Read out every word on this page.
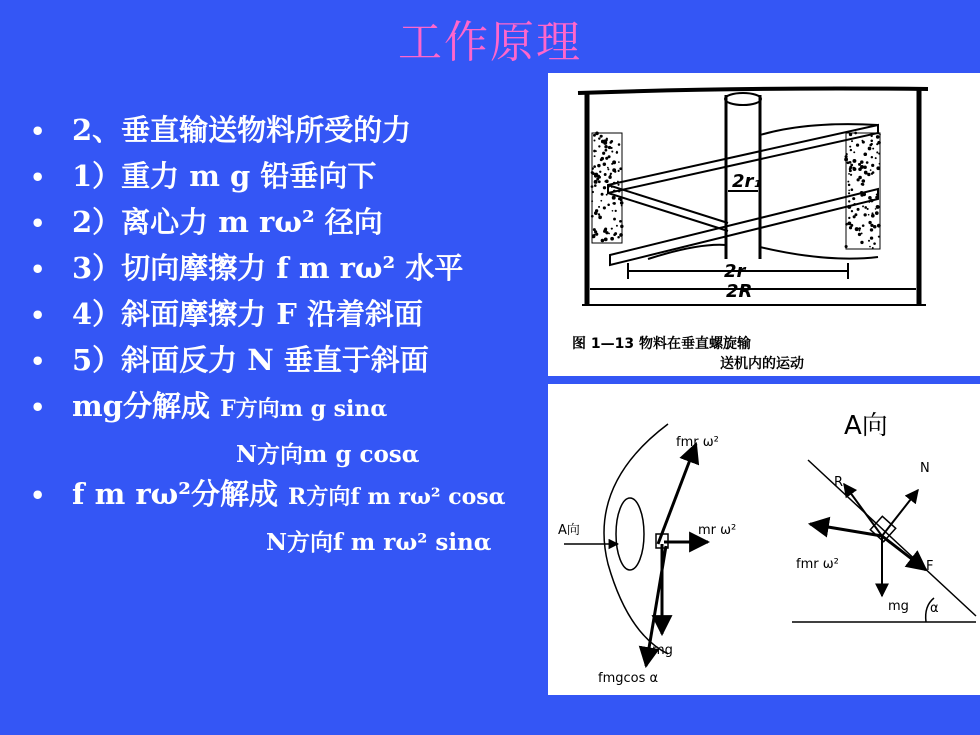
工作原理
• 2、垂直输送物料所受的力
• 1）重力 m g 铅垂向下
• 2）离心力 m rω² 径向
• 3）切向摩擦力 f m rω² 水平
• 4）斜面摩擦力 F 沿着斜面
• 5）斜面反力 N 垂直于斜面
• mg分解成 F方向m g sinα
N方向m g cosα
• f m rω²分解成 R方向f m rω² cosα
N方向f m rω² sinα
2r₁
2r
2R
图 1—13 物料在垂直螺旋输
送机内的运动
A向
A向
fmr ω²
mr ω²
mg
fmgcos α
R
N
F
fmr ω²
mg α
